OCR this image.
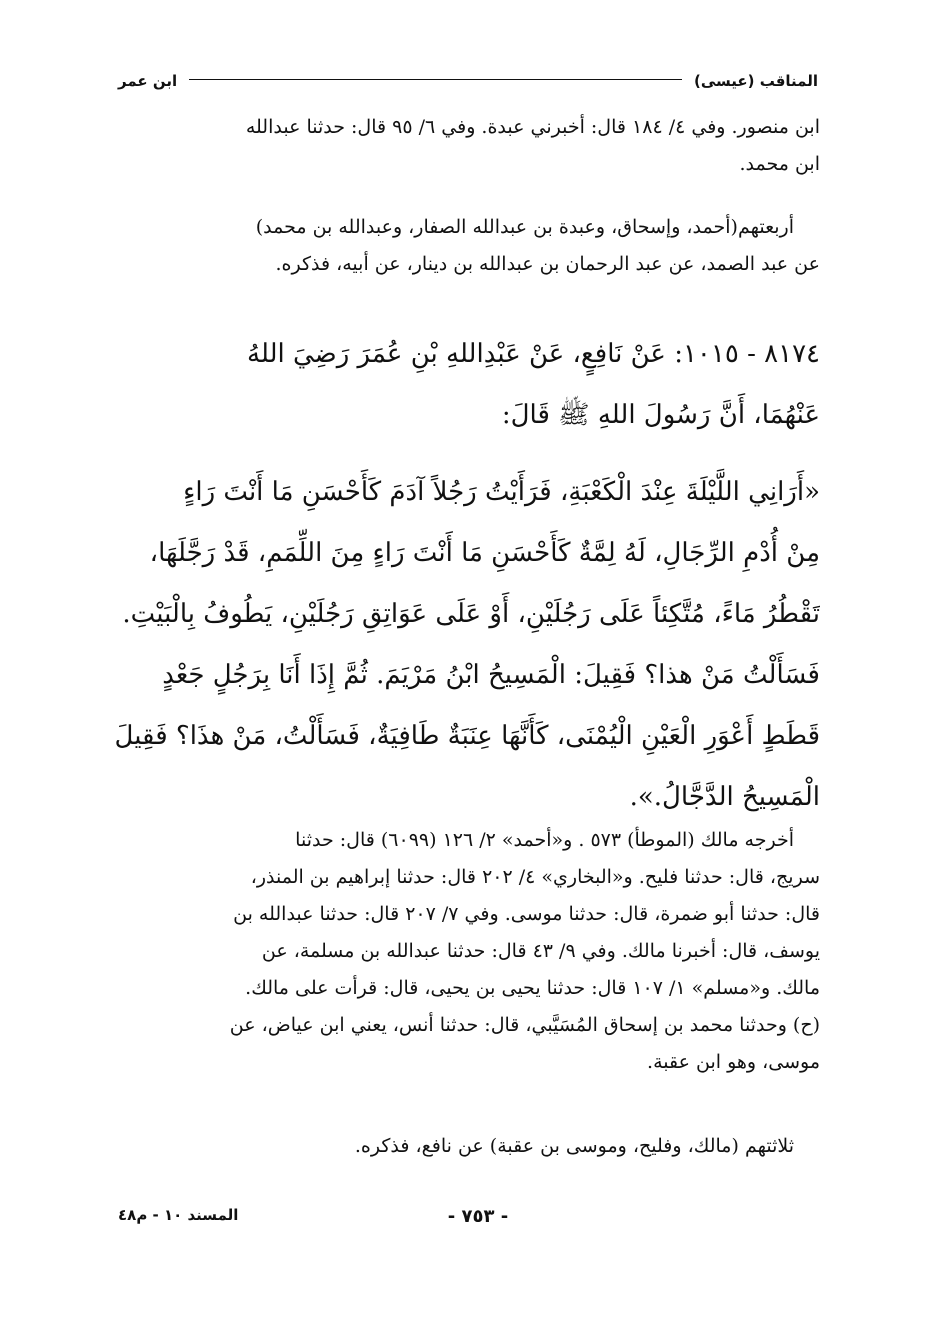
المناقب (عيسى)
ابن عمر
ابن منصور. وفي ٤/ ١٨٤ قال: أخبرني عبدة. وفي ٦/ ٩٥ قال: حدثنا عبدالله
ابن محمد.
أربعتهم(أحمد، وإسحاق، وعبدة بن عبدالله الصفار، وعبدالله بن محمد)
عن عبد الصمد، عن عبد الرحمان بن عبدالله بن دينار، عن أبيه، فذكره.
٨١٧٤ - ١٠١٥: عَنْ نَافِعٍ، عَنْ عَبْدِاللهِ بْنِ عُمَرَ رَضِيَ اللهُ
عَنْهُمَا، أَنَّ رَسُولَ اللهِ ﷺ قَالَ:
«أَرَانِي اللَّيْلَةَ عِنْدَ الْكَعْبَةِ، فَرَأَيْتُ رَجُلاً آدَمَ كَأَحْسَنِ مَا أَنْتَ رَاءٍ
مِنْ أُدْمِ الرِّجَالِ، لَهُ لِمَّةٌ كَأَحْسَنِ مَا أَنْتَ رَاءٍ مِنَ اللِّمَمِ، قَدْ رَجَّلَهَا،
تَقْطُرُ مَاءً، مُتَّكِئاً عَلَى رَجُلَيْنِ، أَوْ عَلَى عَوَاتِقِ رَجُلَيْنِ، يَطُوفُ بِالْبَيْتِ.
فَسَأَلْتُ مَنْ هذا؟ فَقِيلَ: الْمَسِيحُ ابْنُ مَرْيَمَ. ثُمَّ إِذَا أَنَا بِرَجُلٍ جَعْدٍ
قَطَطٍ أَعْوَرِ الْعَيْنِ الْيُمْنَى، كَأَنَّهَا عِنَبَةٌ طَافِيَةٌ، فَسَأَلْتُ، مَنْ هذَا؟ فَقِيلَ
الْمَسِيحُ الدَّجَّالُ.».
أخرجه مالك (الموطأ) ٥٧٣ . و«أحمد» ٢/ ١٢٦ (٦٠٩٩) قال: حدثنا
سريج، قال: حدثنا فليح. و«البخاري» ٤/ ٢٠٢ قال: حدثنا إبراهيم بن المنذر،
قال: حدثنا أبو ضمرة، قال: حدثنا موسى. وفي ٧/ ٢٠٧ قال: حدثنا عبدالله بن
يوسف، قال: أخبرنا مالك. وفي ٩/ ٤٣ قال: حدثنا عبدالله بن مسلمة، عن
مالك. و«مسلم» ١/ ١٠٧ قال: حدثنا يحيى بن يحيى، قال: قرأت على مالك.
(ح) وحدثنا محمد بن إسحاق المُسَيَّبي، قال: حدثنا أنس، يعني ابن عياض، عن
موسى، وهو ابن عقبة.
ثلاثتهم (مالك، وفليح، وموسى بن عقبة) عن نافع، فذكره.
المسند ١٠ - م٤٨	- ٧٥٣ -
